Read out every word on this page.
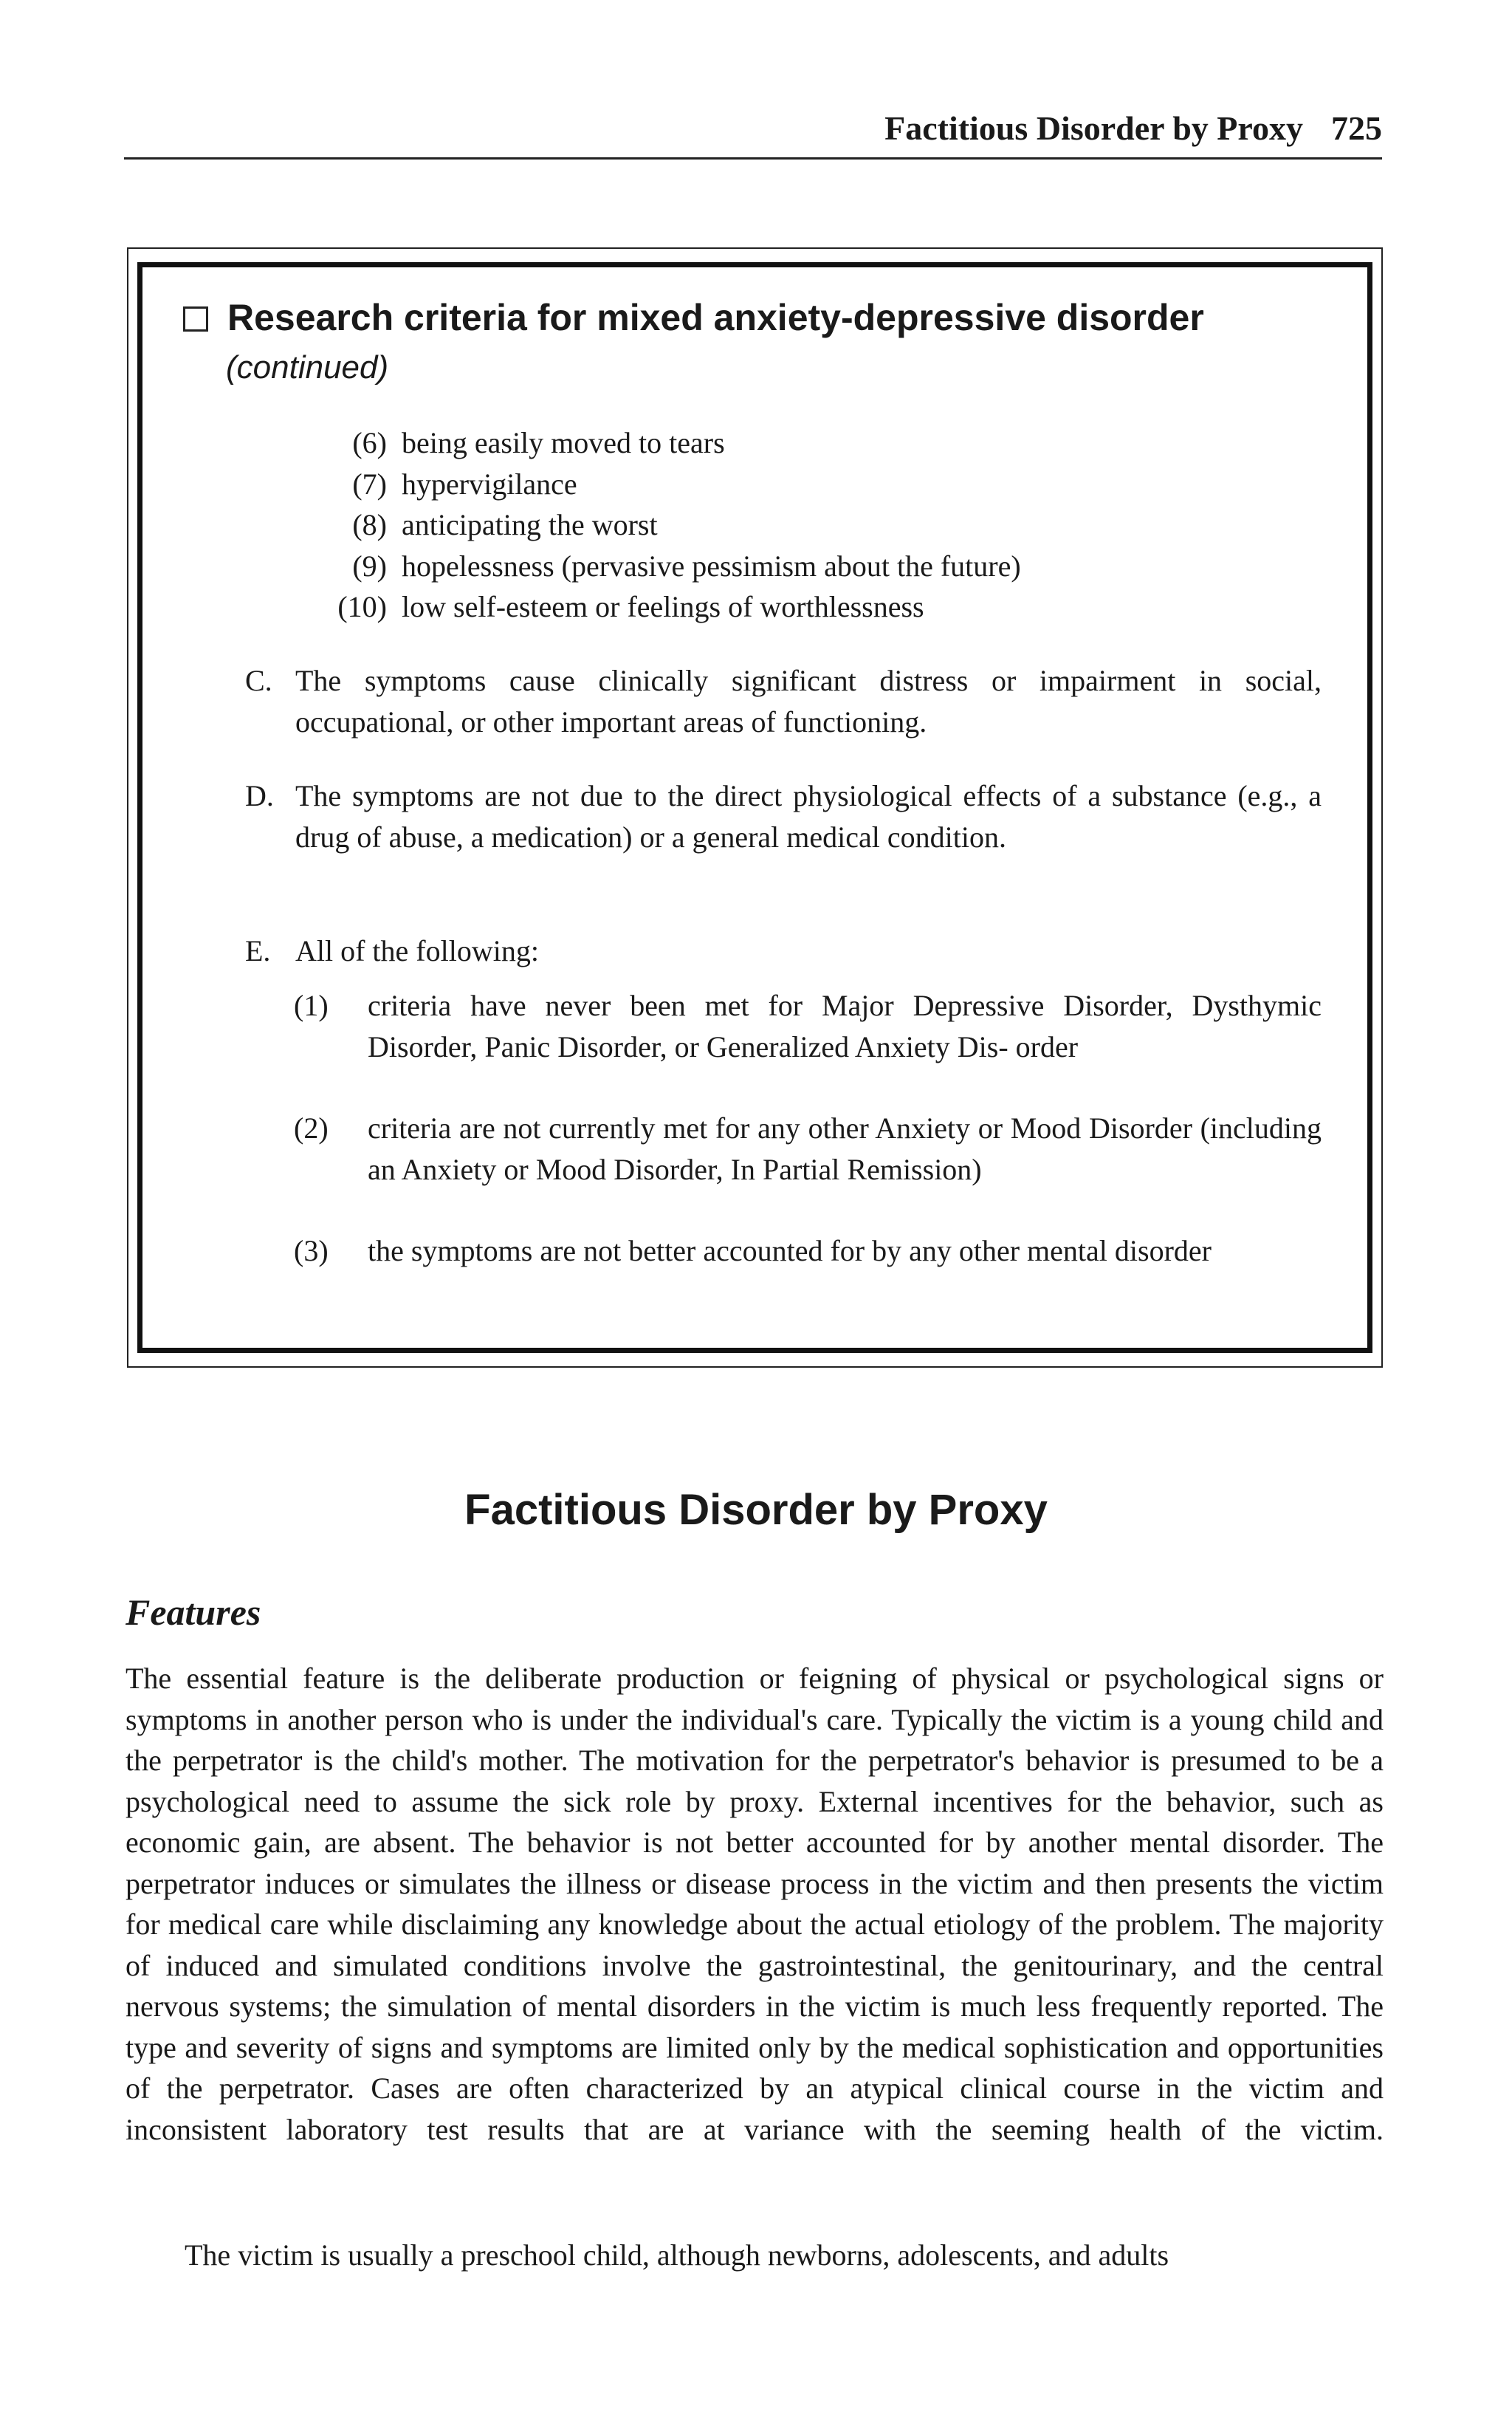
Factitious Disorder by Proxy 725
Research criteria for mixed anxiety-depressive disorder
(continued)
(6) being easily moved to tears
(7) hypervigilance
(8) anticipating the worst
(9) hopelessness (pervasive pessimism about the future)
(10) low self-esteem or feelings of worthlessness
C. The symptoms cause clinically significant distress or impairment in social, occupational, or other important areas of functioning.
D. The symptoms are not due to the direct physiological effects of a substance (e.g., a drug of abuse, a medication) or a general medical condition.
E. All of the following:
(1) criteria have never been met for Major Depressive Disorder, Dysthymic Disorder, Panic Disorder, or Generalized Anxiety Dis- order
(2) criteria are not currently met for any other Anxiety or Mood Disorder (including an Anxiety or Mood Disorder, In Partial Remission)
(3) the symptoms are not better accounted for by any other mental disorder
Factitious Disorder by Proxy
Features
The essential feature is the deliberate production or feigning of physical or psychological signs or symptoms in another person who is under the individual's care. Typically the victim is a young child and the perpetrator is the child's mother. The motivation for the perpetrator's behavior is presumed to be a psychological need to assume the sick role by proxy. External incentives for the behavior, such as economic gain, are absent. The behavior is not better accounted for by another mental disorder. The perpetrator induces or simulates the illness or disease process in the victim and then presents the victim for medical care while disclaiming any knowledge about the actual etiology of the problem. The majority of induced and simulated conditions involve the gastrointestinal, the genitourinary, and the central nervous systems; the simulation of mental disorders in the victim is much less frequently reported. The type and severity of signs and symptoms are limited only by the medical sophistication and opportunities of the perpetrator. Cases are often characterized by an atypical clinical course in the victim and inconsistent laboratory test results that are at variance with the seeming health of the victim.
The victim is usually a preschool child, although newborns, adolescents, and adults
